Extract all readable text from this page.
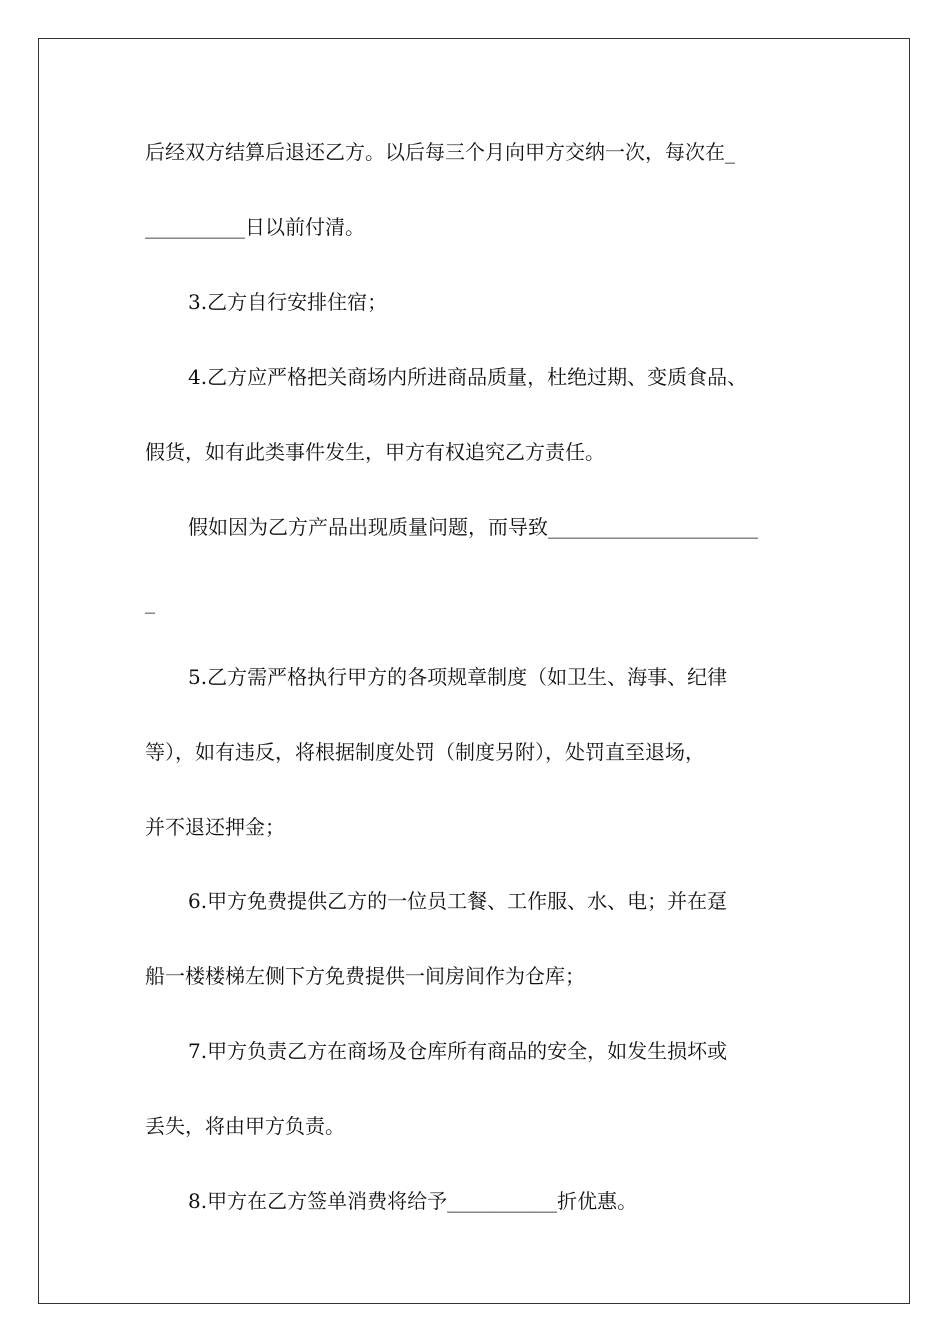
后经双方结算后退还乙方。以后每三个月向甲方交纳一次，每次在_
__________日以前付清。
3.乙方自行安排住宿；
4.乙方应严格把关商场内所进商品质量，杜绝过期、变质食品、
假货，如有此类事件发生，甲方有权追究乙方责任。
假如因为乙方产品出现质量问题，而导致_____________________
_
5.乙方需严格执行甲方的各项规章制度（如卫生、海事、纪律
等），如有违反，将根据制度处罚（制度另附），处罚直至退场，
并不退还押金；
6.甲方免费提供乙方的一位员工餐、工作服、水、电；并在趸
船一楼楼梯左侧下方免费提供一间房间作为仓库；
7.甲方负责乙方在商场及仓库所有商品的安全，如发生损坏或
丢失，将由甲方负责。
8.甲方在乙方签单消费将给予___________折优惠。
